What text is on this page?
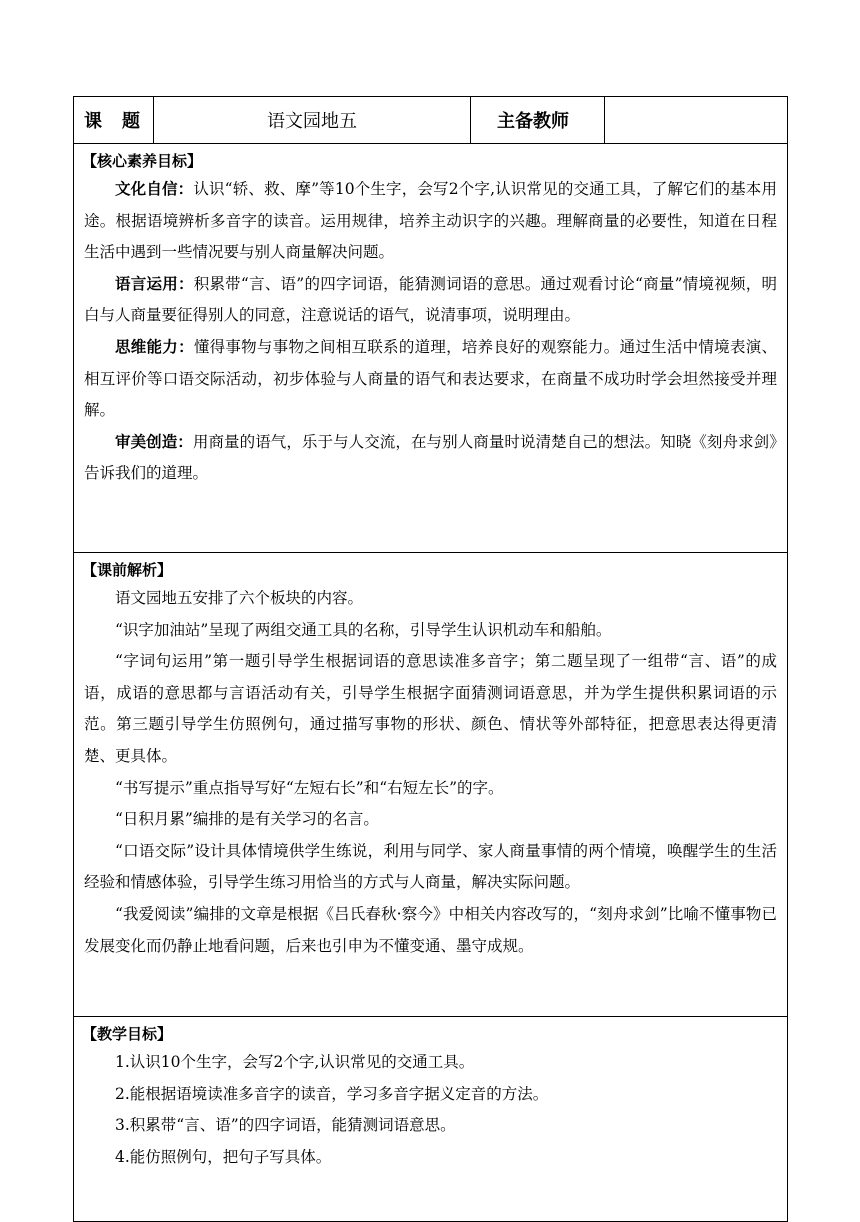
课 题	语文园地五	主备教师	

【核心素养目标】

文化自信：认识“轿、救、摩”等10个生字，会写2个字,认识常见的交通工具，了解它们的基本用途。根据语境辨析多音字的读音。运用规律，培养主动识字的兴趣。理解商量的必要性，知道在日程生活中遇到一些情况要与别人商量解决问题。

语言运用：积累带“言、语”的四字词语，能猜测词语的意思。通过观看讨论“商量”情境视频，明白与人商量要征得别人的同意，注意说话的语气，说清事项，说明理由。

思维能力：懂得事物与事物之间相互联系的道理，培养良好的观察能力。通过生活中情境表演、相互评价等口语交际活动，初步体验与人商量的语气和表达要求，在商量不成功时学会坦然接受并理解。

审美创造：用商量的语气，乐于与人交流，在与别人商量时说清楚自己的想法。知晓《刻舟求剑》告诉我们的道理。

【课前解析】

语文园地五安排了六个板块的内容。

“识字加油站”呈现了两组交通工具的名称，引导学生认识机动车和船舶。

“字词句运用”第一题引导学生根据词语的意思读准多音字；第二题呈现了一组带“言、语”的成语，成语的意思都与言语活动有关，引导学生根据字面猜测词语意思，并为学生提供积累词语的示范。第三题引导学生仿照例句，通过描写事物的形状、颜色、情状等外部特征，把意思表达得更清楚、更具体。

“书写提示”重点指导写好“左短右长”和“右短左长”的字。

“日积月累”编排的是有关学习的名言。

“口语交际”设计具体情境供学生练说，利用与同学、家人商量事情的两个情境，唤醒学生的生活经验和情感体验，引导学生练习用恰当的方式与人商量，解决实际问题。

“我爱阅读”编排的文章是根据《吕氏春秋·察今》中相关内容改写的，“刻舟求剑”比喻不懂事物已发展变化而仍静止地看问题，后来也引申为不懂变通、墨守成规。

【教学目标】

1.认识10个生字，会写2个字,认识常见的交通工具。

2.能根据语境读准多音字的读音，学习多音字据义定音的方法。

3.积累带“言、语”的四字词语，能猜测词语意思。

4.能仿照例句，把句子写具体。
